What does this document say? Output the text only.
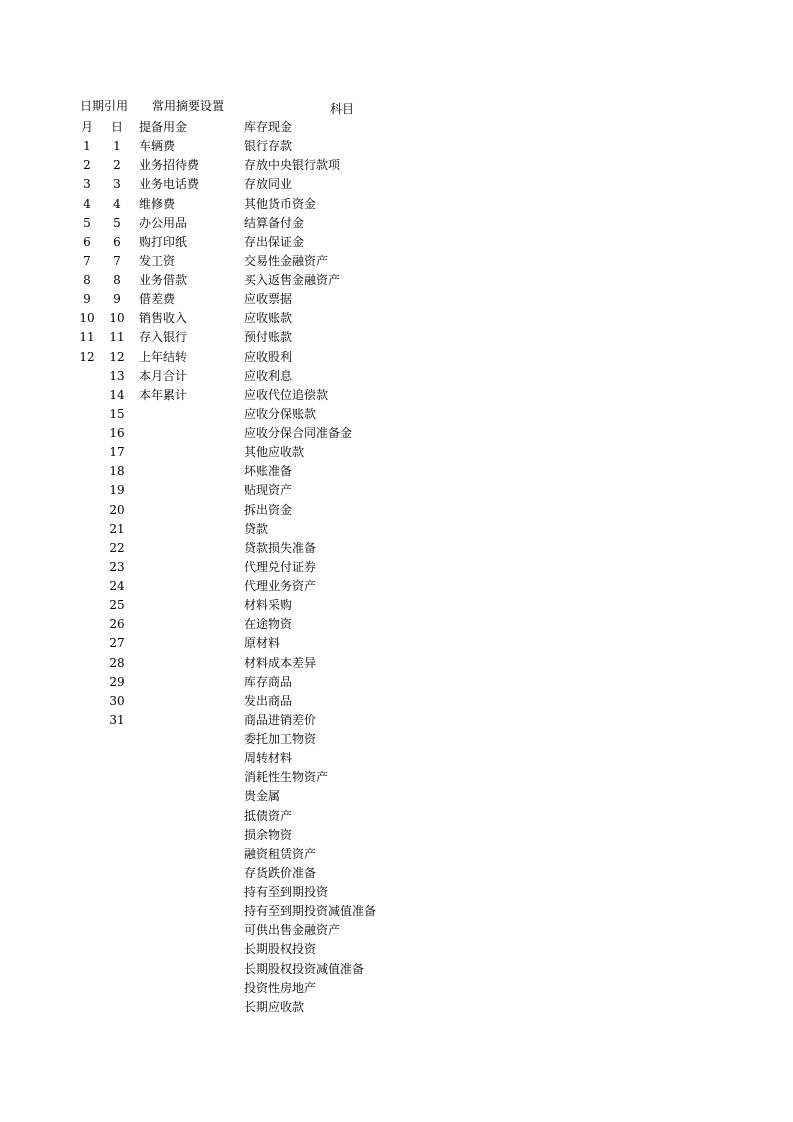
日期引用 常用摘要设置	科目
月
1
2
3
4
5
6
7
8
9
10
11
12
日
1
2
3
4
5
6
7
8
9
10
11
12
13
14
15
16
17
18
19
20
21
22
23
24
25
26
27
28
29
30
31
提备用金
车辆费
业务招待费
业务电话费
维修费
办公用品
购打印纸
发工资
业务借款
借差费
销售收入
存入银行
上年结转
本月合计
本年累计
库存现金
银行存款
存放中央银行款项
存放同业
其他货币资金
结算备付金
存出保证金
交易性金融资产
买入返售金融资产
应收票据
应收账款
预付账款
应收股利
应收利息
应收代位追偿款
应收分保账款
应收分保合同准备金
其他应收款
坏账准备
贴现资产
拆出资金
贷款
贷款损失准备
代理兑付证券
代理业务资产
材料采购
在途物资
原材料
材料成本差异
库存商品
发出商品
商品进销差价
委托加工物资
周转材料
消耗性生物资产
贵金属
抵债资产
损余物资
融资租赁资产
存货跌价准备
持有至到期投资
持有至到期投资减值准备
可供出售金融资产
长期股权投资
长期股权投资减值准备
投资性房地产
长期应收款
